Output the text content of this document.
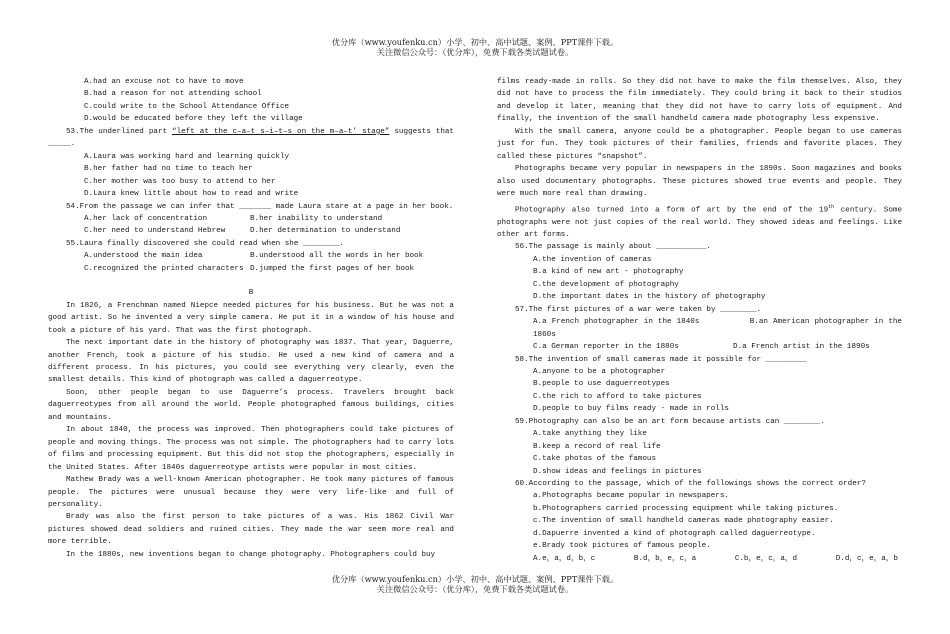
优分库（www.youfenku.cn）小学、初中、高中试题、案例、PPT课件下载。
关注微信公众号：（优分库），免费下载各类试题试卷。

A.had an excuse not to have to move

B.had a reason for not attending school

C.could write to the School Attendance Office

D.would be educated before they left the village

53.The underlined part “left at the c–a–t s–i–t–s on the m–a–t’ stage” suggests that _____.

A.Laura was working hard and learning quickly

B.her father had no time to teach her

C.her mother was too busy to attend to her

D.Laura knew little about how to read and write

54.From the passage we can infer that _______ made Laura stare at a page in her book.

A.her lack of concentration	B.her inability to understand

C.her need to understand Hebrew	D.her determination to understand

55.Laura finally discovered she could read when she ________.

A.understood the main idea	B.understood all the words in her book

C.recognized the printed characters D.jumped the first pages of her book

B

In 1826, a Frenchman named Niepce needed pictures for his business. But he was not a good artist. So he invented a very simple camera. He put it in a window of his house and took a picture of his yard. That was the first photograph.

The next important date in the history of photography was 1837. That year, Daguerre, another French, took a picture of his studio. He used a new kind of camera and a different process. In his pictures, you could see everything very clearly, even the smallest details. This kind of photograph was called a daguerreotype.

Soon, other people began to use Daguerre’s process. Travelers brought back daguerreotypes from all around the world. People photographed famous buildings, cities and mountains.

In about 1840, the process was improved. Then photographers could take pictures of people and moving things. The process was not simple. The photographers had to carry lots of films and processing equipment. But this did not stop the photographers, especially in the United States. After 1840s daguerreotype artists were popular in most cities.

Mathew Brady was a well-known American photographer. He took many pictures of famous people. The pictures were unusual because they were very life-like and full of personality.

Brady was also the first person to take pictures of a was. His 1862 Civil War pictures showed dead soldiers and ruined cities. They made the war seem more real and more terrible.

In the 1880s, new inventions began to change photography. Photographers could buy

films ready-made in rolls. So they did not have to make the film themselves. Also, they did not have to process the film immediately. They could bring it back to their studios and develop it later, meaning that they did not have to carry lots of equipment. And finally, the invention of the small handheld camera made photography less expensive.

With the small camera, anyone could be a photographer. People began to use cameras just for fun. They took pictures of their families, friends and favorite places. They called these pictures “snapshot”.

Photographs became very popular in newspapers in the 1890s. Soon magazines and books also used documentary photographs. These pictures showed true events and people. They were much more real than drawing.

Photography also turned into a form of art by the end of the 19th century. Some photographs were not just copies of the real world. They showed ideas and feelings. Like other art forms.

56.The passage is mainly about ___________.

A.the invention of cameras

B.a kind of new art - photography

C.the development of photography

D.the important dates in the history of photography

57.The first pictures of a war were taken by ________.

A.a French photographer in the 1840s	B.an American photographer in the 1860s

C.a German reporter in the 1880s	D.a French artist in the 1890s

58.The invention of small cameras made it possible for _________

A.anyone to be a photographer

B.people to use daguerreotypes

C.the rich to afford to take pictures

D.people to buy films ready - made in rolls

59.Photography can also be an art form because artists can ________.

A.take anything they like

B.keep a record of real life

C.take photos of the famous

D.show ideas and feelings in pictures

60.According to the passage, which of the followings shows the correct order?

a.Photographs became popular in newspapers.

b.Photographers carried processing equipment while taking pictures.

c.The invention of small handheld cameras made photography easier.

d.Dapuerre invented a kind of photograph called daguerreotype.

e.Brady took pictures of famous people.

A.e，a，d，b，c	B.d，b，e，c，a	C.b，e，c，a，d	D.d，c，e，a，b

优分库（www.youfenku.cn）小学、初中、高中试题、案例、PPT课件下载。
关注微信公众号：（优分库），免费下载各类试题试卷。
